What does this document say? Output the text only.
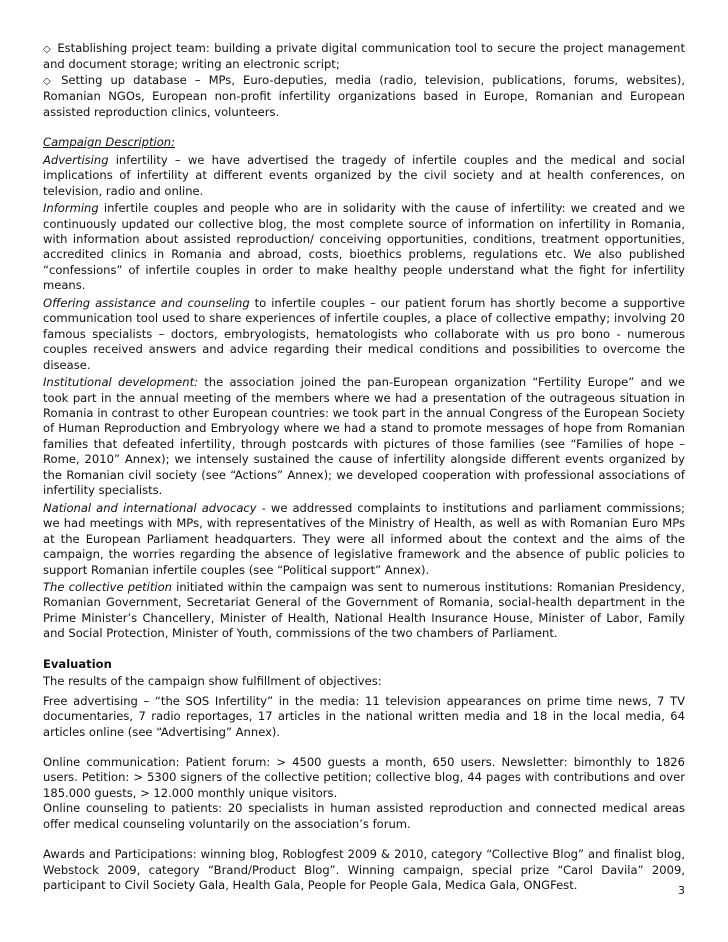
◇ Establishing project team: building a private digital communication tool to secure the project management and document storage; writing an electronic script;

◇ Setting up database – MPs, Euro-deputies, media (radio, television, publications, forums, websites), Romanian NGOs, European non-profit infertility organizations based in Europe, Romanian and European assisted reproduction clinics, volunteers.

Campaign Description:

Advertising infertility – we have advertised the tragedy of infertile couples and the medical and social implications of infertility at different events organized by the civil society and at health conferences, on television, radio and online.

Informing infertile couples and people who are in solidarity with the cause of infertility: we created and we continuously updated our collective blog, the most complete source of information on infertility in Romania, with information about assisted reproduction/ conceiving opportunities, conditions, treatment opportunities, accredited clinics in Romania and abroad, costs, bioethics problems, regulations etc. We also published “confessions” of infertile couples in order to make healthy people understand what the fight for infertility means.

Offering assistance and counseling to infertile couples – our patient forum has shortly become a supportive communication tool used to share experiences of infertile couples, a place of collective empathy; involving 20 famous specialists – doctors, embryologists, hematologists who collaborate with us pro bono - numerous couples received answers and advice regarding their medical conditions and possibilities to overcome the disease.

Institutional development: the association joined the pan-European organization “Fertility Europe” and we took part in the annual meeting of the members where we had a presentation of the outrageous situation in Romania in contrast to other European countries: we took part in the annual Congress of the European Society of Human Reproduction and Embryology where we had a stand to promote messages of hope from Romanian families that defeated infertility, through postcards with pictures of those families (see “Families of hope – Rome, 2010” Annex); we intensely sustained the cause of infertility alongside different events organized by the Romanian civil society (see “Actions” Annex); we developed cooperation with professional associations of infertility specialists.

National and international advocacy - we addressed complaints to institutions and parliament commissions; we had meetings with MPs, with representatives of the Ministry of Health, as well as with Romanian Euro MPs at the European Parliament headquarters. They were all informed about the context and the aims of the campaign, the worries regarding the absence of legislative framework and the absence of public policies to support Romanian infertile couples (see “Political support” Annex).

The collective petition initiated within the campaign was sent to numerous institutions: Romanian Presidency, Romanian Government, Secretariat General of the Government of Romania, social-health department in the Prime Minister’s Chancellery, Minister of Health, National Health Insurance House, Minister of Labor, Family and Social Protection, Minister of Youth, commissions of the two chambers of Parliament.

Evaluation

The results of the campaign show fulfillment of objectives:

Free advertising – “the SOS Infertility” in the media: 11 television appearances on prime time news, 7 TV documentaries, 7 radio reportages, 17 articles in the national written media and 18 in the local media, 64 articles online (see “Advertising” Annex).

Online communication: Patient forum: > 4500 guests a month, 650 users. Newsletter: bimonthly to 1826 users. Petition: > 5300 signers of the collective petition; collective blog, 44 pages with contributions and over 185.000 guests, > 12.000 monthly unique visitors.

Online counseling to patients: 20 specialists in human assisted reproduction and connected medical areas offer medical counseling voluntarily on the association’s forum.

Awards and Participations: winning blog, Roblogfest 2009 & 2010, category “Collective Blog” and finalist blog, Webstock 2009, category “Brand/Product Blog”. Winning campaign, special prize “Carol Davila” 2009, participant to Civil Society Gala, Health Gala, People for People Gala, Medica Gala, ONGFest.	3
